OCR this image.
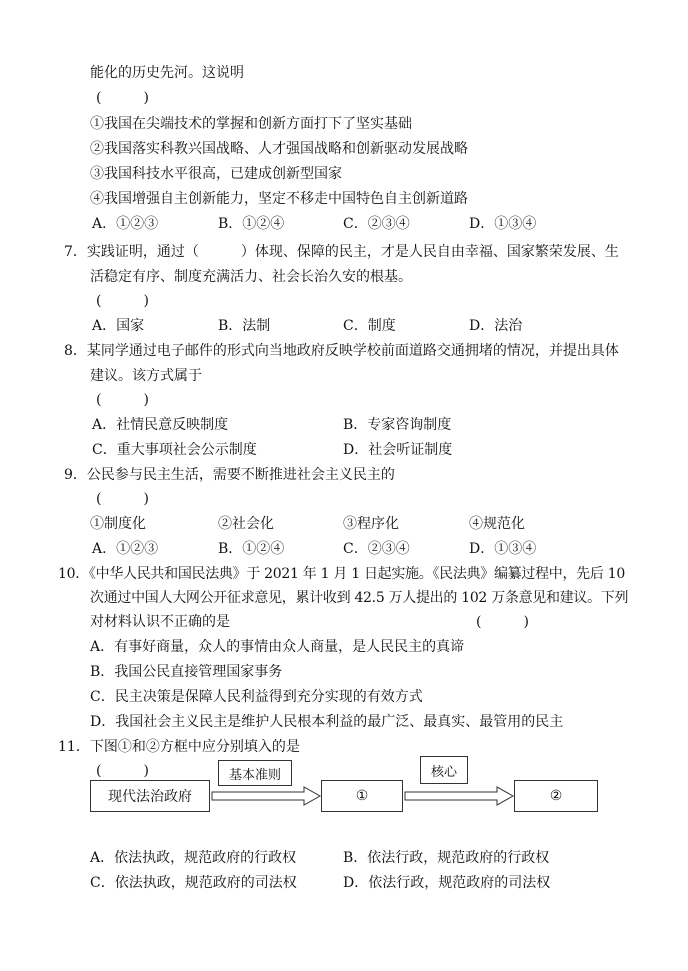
能化的历史先河。这说明
(　　　)
①我国在尖端技术的掌握和创新方面打下了坚实基础
②我国落实科教兴国战略、人才强国战略和创新驱动发展战略
③我国科技水平很高，已建成创新型国家
④我国增强自主创新能力，坚定不移走中国特色自主创新道路
A．①②③	B．①②④	C．②③④	D．①③④
7．实践证明，通过（　　　）体现、保障的民主，才是人民自由幸福、国家繁荣发展、生
活稳定有序、制度充满活力、社会长治久安的根基。
(　　　)
A．国家	B．法制	C．制度	D．法治
8．某同学通过电子邮件的形式向当地政府反映学校前面道路交通拥堵的情况，并提出具体
建议。该方式属于
(　　　)
A．社情民意反映制度	B．专家咨询制度
C．重大事项社会公示制度	D．社会听证制度
9．公民参与民主生活，需要不断推进社会主义民主的
(　　　)
①制度化	②社会化	③程序化	④规范化
A．①②③	B．①②④	C．②③④	D．①③④
10．《中华人民共和国民法典》于 2021 年 1 月 1 日起实施。《民法典》编纂过程中，先后 10
次通过中国人大网公开征求意见，累计收到 42.5 万人提出的 102 万条意见和建议。下列
对材料认识不正确的是	(　　　)
A．有事好商量，众人的事情由众人商量，是人民民主的真谛
B．我国公民直接管理国家事务
C．民主决策是保障人民利益得到充分实现的有效方式
D．我国社会主义民主是维护人民根本利益的最广泛、最真实、最管用的民主
11．下图①和②方框中应分别填入的是
(　　　)
现代法治政府
基本准则
①
核心
②
A．依法执政，规范政府的行政权	B．依法行政，规范政府的行政权
C．依法执政，规范政府的司法权	D．依法行政，规范政府的司法权
